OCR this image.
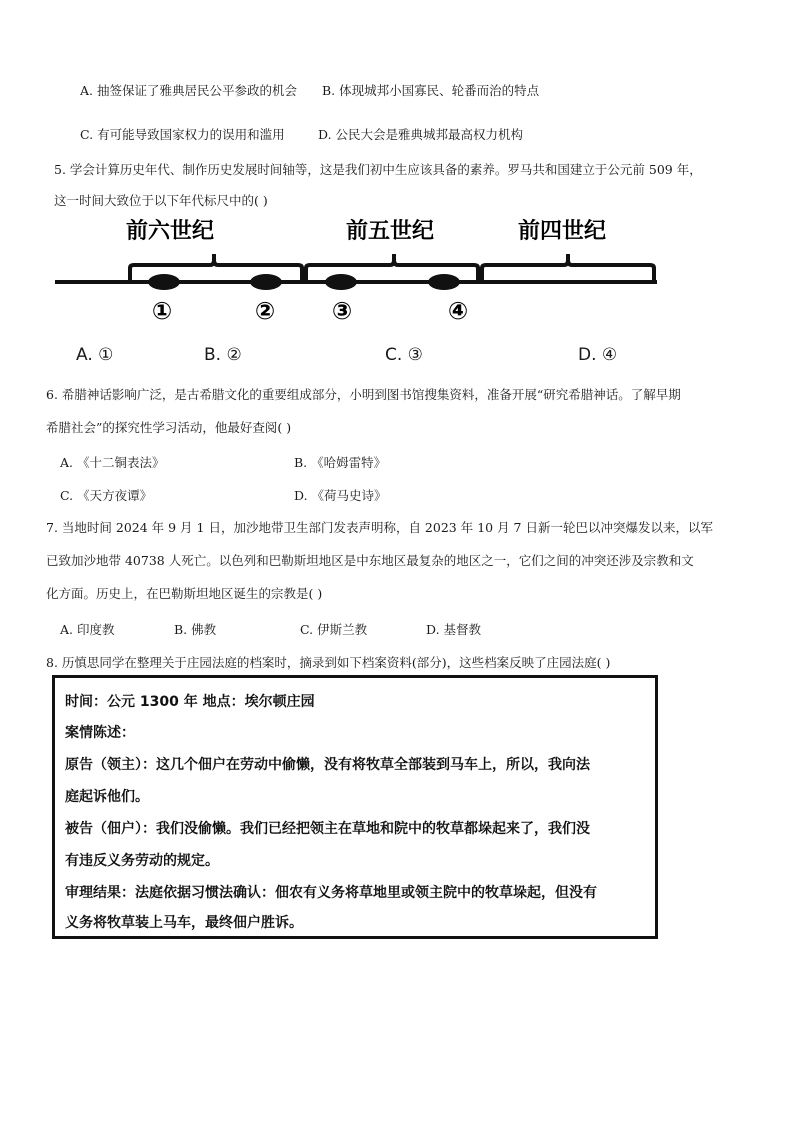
A. 抽签保证了雅典居民公平参政的机会 B. 体现城邦小国寡民、轮番而治的特点
C. 有可能导致国家权力的误用和滥用	D. 公民大会是雅典城邦最高权力机构
5. 学会计算历史年代、制作历史发展时间轴等，这是我们初中生应该具备的素养。罗马共和国建立于公元前 509 年，
这一时间大致位于以下年代标尺中的( )
前六世纪	前五世纪	前四世纪
①	② ③	④
A. ①	B. ②	C. ③	D. ④
6. 希腊神话影响广泛，是古希腊文化的重要组成部分，小明到图书馆搜集资料，准备开展“研究希腊神话。了解早期
希腊社会”的探究性学习活动，他最好查阅( )
A. 《十二铜表法》	B. 《哈姆雷特》
C. 《天方夜谭》	D. 《荷马史诗》
7. 当地时间 2024 年 9 月 1 日，加沙地带卫生部门发表声明称，自 2023 年 10 月 7 日新一轮巴以冲突爆发以来，以军
已致加沙地带 40738 人死亡。以色列和巴勒斯坦地区是中东地区最复杂的地区之一，它们之间的冲突还涉及宗教和文
化方面。历史上，在巴勒斯坦地区诞生的宗教是( )
A. 印度教	B. 佛教	C. 伊斯兰教	D. 基督教
8. 历慎思同学在整理关于庄园法庭的档案时，摘录到如下档案资料(部分)，这些档案反映了庄园法庭( )
时间：公元 1300 年 地点：埃尔顿庄园
案情陈述：
原告（领主）：这几个佃户在劳动中偷懒，没有将牧草全部装到马车上，所以，我向法
庭起诉他们。
被告（佃户）：我们没偷懒。我们已经把领主在草地和院中的牧草都垛起来了，我们没
有违反义务劳动的规定。
审理结果：法庭依据习惯法确认：佃农有义务将草地里或领主院中的牧草垛起，但没有
义务将牧草装上马车，最终佃户胜诉。
